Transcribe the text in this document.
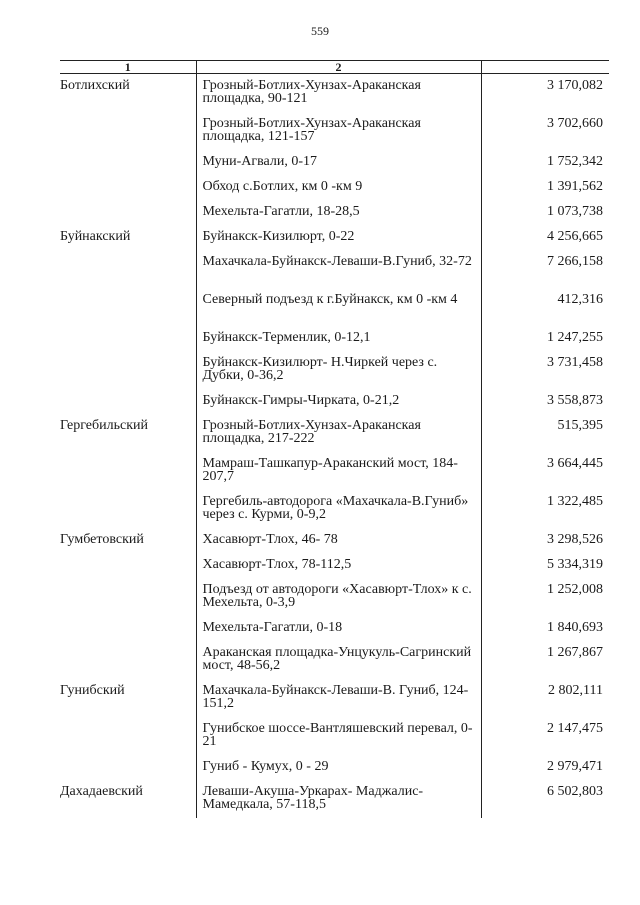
559
1	2	
Ботлихский	Грозный-Ботлих-Хунзах-Араканская площадка, 90-121	3 170,082
	Грозный-Ботлих-Хунзах-Араканская площадка, 121-157	3 702,660
	Муни-Агвали, 0-17	1 752,342
	Обход с.Ботлих, км 0 -км 9	1 391,562
	Мехельта-Гагатли, 18-28,5	1 073,738
Буйнакский	Буйнакск-Кизилюрт, 0-22	4 256,665
	Махачкала-Буйнакск-Леваши-В.Гуниб, 32-72	7 266,158
	Северный подъезд к г.Буйнакск, км 0 -км 4	412,316
	Буйнакск-Терменлик, 0-12,1	1 247,255
	Буйнакск-Кизилюрт- Н.Чиркей через с. Дубки, 0-36,2	3 731,458
	Буйнакск-Гимры-Чирката, 0-21,2	3 558,873
Гергебильский	Грозный-Ботлих-Хунзах-Араканская площадка, 217-222	515,395
	Мамраш-Ташкапур-Араканский мост, 184-207,7	3 664,445
	Гергебиль-автодорога «Махачкала-В.Гуниб» через с. Курми, 0-9,2	1 322,485
Гумбетовский	Хасавюрт-Тлох, 46- 78	3 298,526
	Хасавюрт-Тлох, 78-112,5	5 334,319
	Подъезд от автодороги «Хасавюрт-Тлох» к с. Мехельта, 0-3,9	1 252,008
	Мехельта-Гагатли, 0-18	1 840,693
	Араканская площадка-Унцукуль-Сагринский мост, 48-56,2	1 267,867
Гунибский	Махачкала-Буйнакск-Леваши-В. Гуниб, 124-151,2	2 802,111
	Гунибское шоссе-Вантляшевский перевал, 0-21	2 147,475
	Гуниб - Кумух, 0 - 29	2 979,471
Дахадаевский	Леваши-Акуша-Уркарах- Маджалис- Мамедкала, 57-118,5	6 502,803
